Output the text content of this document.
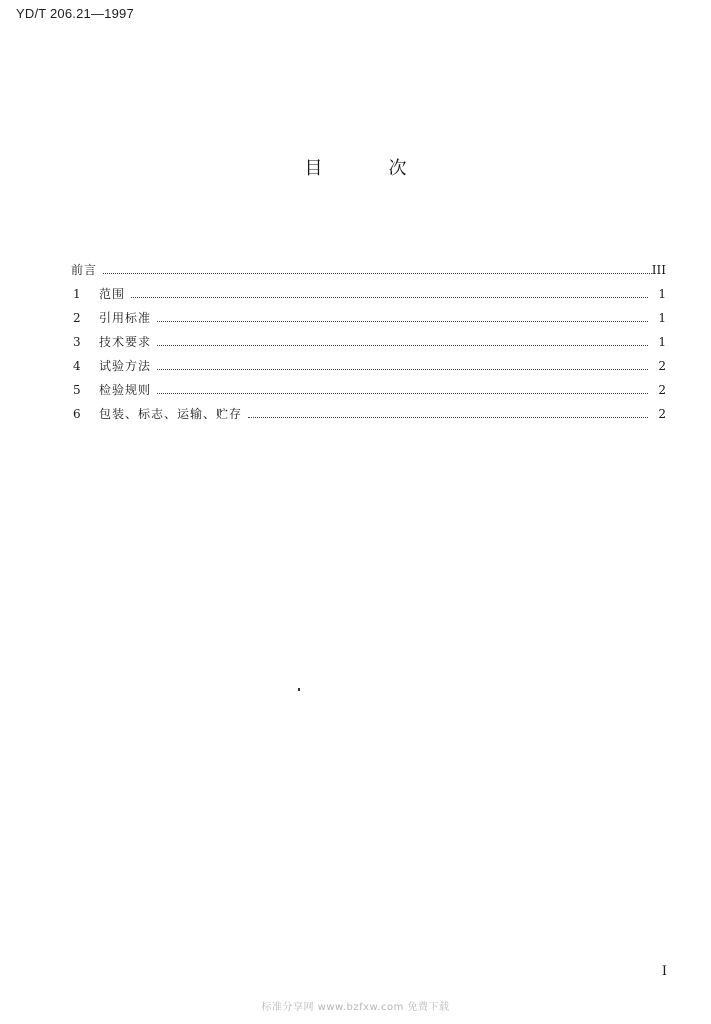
YD/T 206.21—1997
目	次
前言	III
1	范围	1
2	引用标准	1
3	技术要求	1
4	试验方法	2
5	检验规则	2
6	包装、标志、运输、贮存	2
I
标准分享网 www.bzfxw.com 免费下载
